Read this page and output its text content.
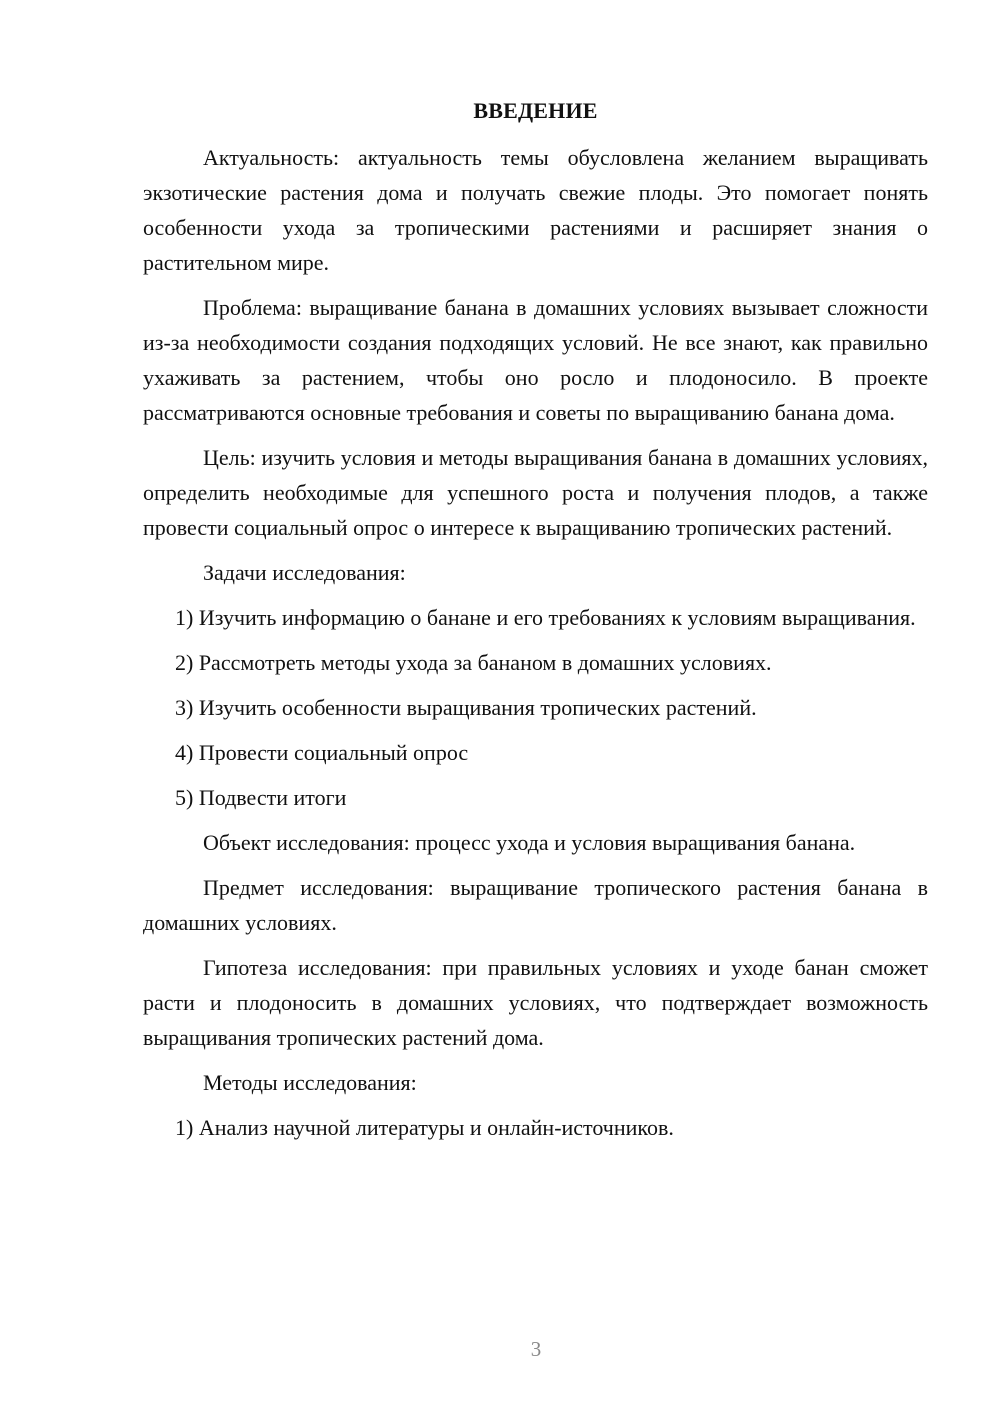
ВВЕДЕНИЕ

Актуальность: актуальность темы обусловлена желанием выращивать экзотические растения дома и получать свежие плоды. Это помогает понять особенности ухода за тропическими растениями и расширяет знания о растительном мире.

Проблема: выращивание банана в домашних условиях вызывает сложности из-за необходимости создания подходящих условий. Не все знают, как правильно ухаживать за растением, чтобы оно росло и плодоносило. В проекте рассматриваются основные требования и советы по выращиванию банана дома.

Цель: изучить условия и методы выращивания банана в домашних условиях, определить необходимые для успешного роста и получения плодов, а также провести социальный опрос о интересе к выращиванию тропических растений.

Задачи исследования:

1) Изучить информацию о банане и его требованиях к условиям выращивания.

2) Рассмотреть методы ухода за бананом в домашних условиях.

3) Изучить особенности выращивания тропических растений.

4) Провести социальный опрос

5) Подвести итоги

Объект исследования: процесс ухода и условия выращивания банана.

Предмет исследования: выращивание тропического растения банана в домашних условиях.

Гипотеза исследования: при правильных условиях и уходе банан сможет расти и плодоносить в домашних условиях, что подтверждает возможность выращивания тропических растений дома.

Методы исследования:

1) Анализ научной литературы и онлайн-источников.

3
